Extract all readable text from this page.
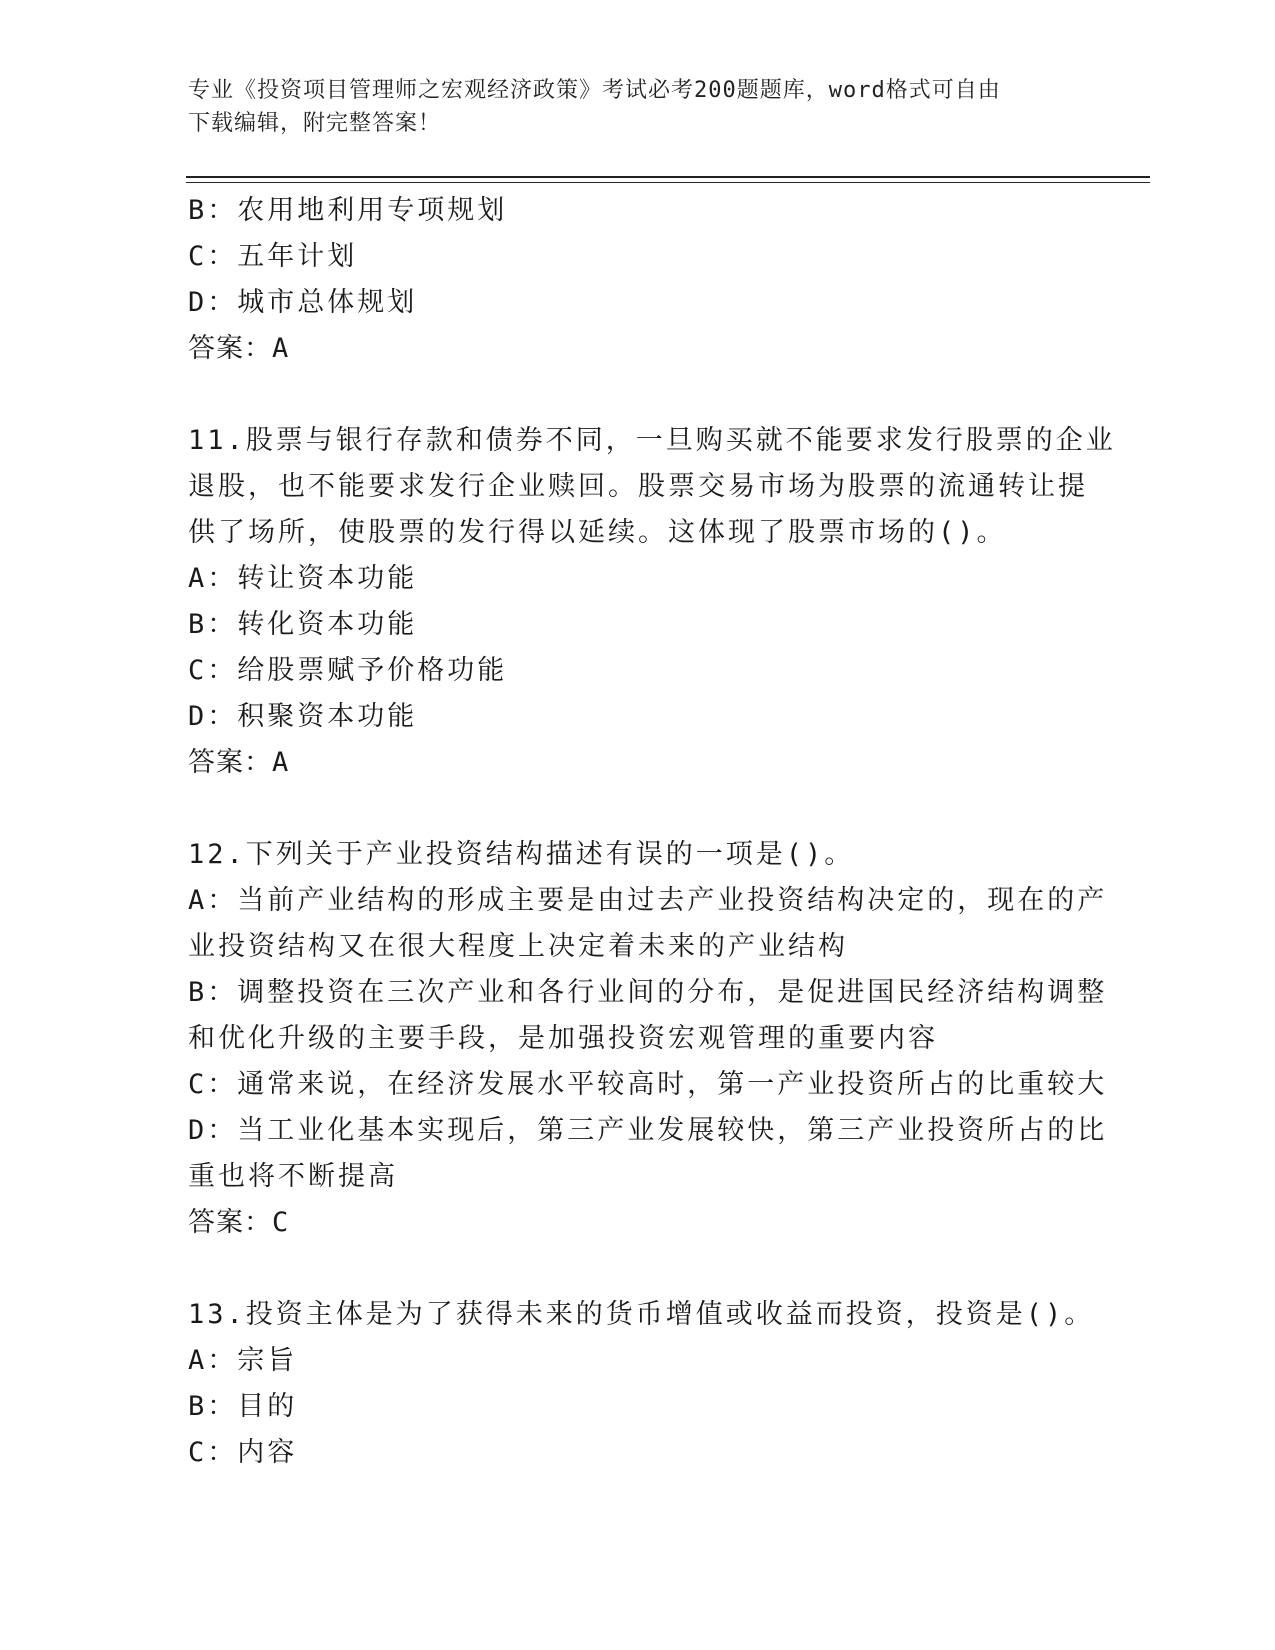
专业《投资项目管理师之宏观经济政策》考试必考200题题库，word格式可自由
下载编辑，附完整答案！
B：农用地利用专项规划
C：五年计划
D：城市总体规划
答案：A
11.股票与银行存款和债券不同，一旦购买就不能要求发行股票的企业
退股，也不能要求发行企业赎回。股票交易市场为股票的流通转让提
供了场所，使股票的发行得以延续。这体现了股票市场的()。
A：转让资本功能
B：转化资本功能
C：给股票赋予价格功能
D：积聚资本功能
答案：A
12.下列关于产业投资结构描述有误的一项是()。
A：当前产业结构的形成主要是由过去产业投资结构决定的，现在的产
业投资结构又在很大程度上决定着未来的产业结构
B：调整投资在三次产业和各行业间的分布，是促进国民经济结构调整
和优化升级的主要手段，是加强投资宏观管理的重要内容
C：通常来说，在经济发展水平较高时，第一产业投资所占的比重较大
D：当工业化基本实现后，第三产业发展较快，第三产业投资所占的比
重也将不断提高
答案：C
13.投资主体是为了获得未来的货币增值或收益而投资，投资是()。
A：宗旨
B：目的
C：内容
